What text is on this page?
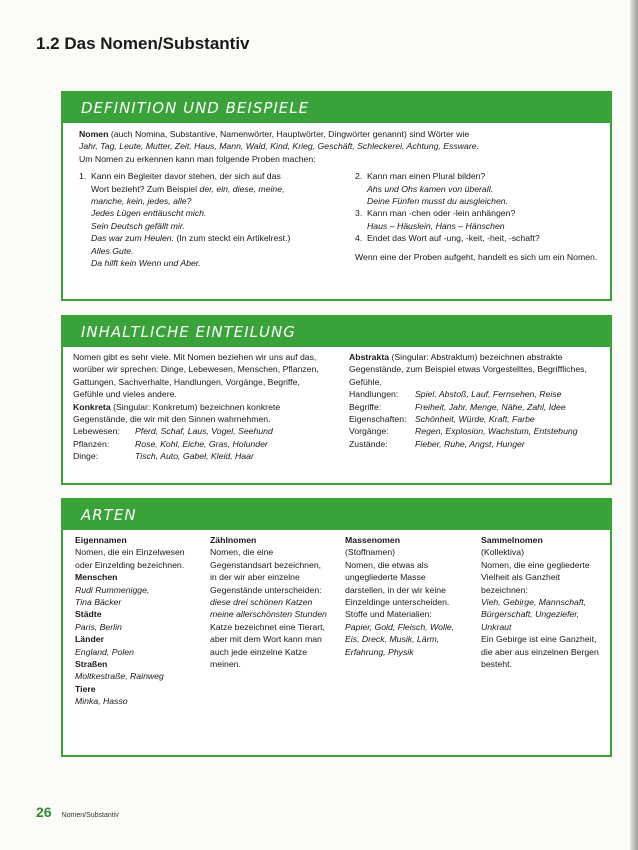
1.2 Das Nomen/Substantiv
DEFINITION UND BEISPIELE

Nomen (auch Nomina, Substantive, Namenwörter, Hauptwörter, Dingwörter genannt) sind Wörter wie
Jahr, Tag, Leute, Mutter, Zeit, Haus, Mann, Wald, Kind, Krieg, Geschäft, Schleckerei, Achtung, Essware.
Um Nomen zu erkennen kann man folgende Proben machen:

1. Kann ein Begleiter davor stehen, der sich auf das
Wort bezieht? Zum Beispiel der, ein, diese, meine,
manche, kein, jedes, alle?
Jedes Lügen enttäuscht mich.
Sein Deutsch gefällt mir.
Das war zum Heulen. (In zum steckt ein Artikelrest.)
Alles Gute.
Da hilft kein Wenn und Aber.
2. Kann man einen Plural bilden?
Ahs und Ohs kamen von überall.
Deine Fünfen musst du ausgleichen.
3. Kann man -chen oder -lein anhängen?
Haus – Häuslein, Hans – Hänschen
4. Endet das Wort auf -ung, -keit, -heit, -schaft?

Wenn eine der Proben aufgeht, handelt es sich um ein Nomen.

INHALTLICHE EINTEILUNG

Nomen gibt es sehr viele. Mit Nomen beziehen wir uns auf das, worüber wir sprechen: Dinge, Lebewesen, Menschen, Pflanzen, Gattungen, Sachverhalte, Handlungen, Vorgänge, Begriffe, Gefühle und vieles andere.

Konkreta (Singular: Konkretum) bezeichnen konkrete Gegenstände, die wir mit den Sinnen wahrnehmen.

Lebewesen:	Pferd, Schaf, Laus, Vogel, Seehund
Pflanzen:	Rose, Kohl, Eiche, Gras, Holunder
Dinge:	Tisch, Auto, Gabel, Kleid, Haar

Abstrakta (Singular: Abstraktum) bezeichnen abstrakte Gegenstände, zum Beispiel etwas Vorgestelltes, Begriffliches, Gefühle.

Handlungen:	Spiel, Abstoß, Lauf, Fernsehen, Reise
Begriffe:	Freiheit, Jahr, Menge, Nähe, Zahl, Idee
Eigenschaften: Schönheit, Würde, Kraft, Farbe
Vorgänge:	Regen, Explosion, Wachstum, Entstehung
Zustände:	Fieber, Ruhe, Angst, Hunger
ARTEN

Eigennamen

Nomen, die ein Einzelwesen oder Einzelding bezeichnen.

Menschen

Rudi Rummenigge,

Tina Bäcker

Städte

Paris, Berlin

Länder

England, Polen

Straßen

Moltkestraße, Rainweg

Tiere

Minka, Hasso

Zählnomen

Nomen, die eine Gegenstandsart bezeichnen, in der wir aber einzelne Gegenstände unterscheiden:

diese drei schönen Katzen

meine allerschönsten Stunden

Katze bezeichnet eine Tierart, aber mit dem Wort kann man auch jede einzelne Katze meinen.

Massenomen

(Stoffnamen)

Nomen, die etwas als ungegliederte Masse darstellen, in der wir keine Einzeldinge unterscheiden.

Stoffe und Materialien:

Papier, Gold, Fleisch, Wolle, Eis, Dreck, Musik, Lärm, Erfahrung, Physik

Sammelnomen

(Kollektiva)

Nomen, die eine gegliederte Vielheit als Ganzheit bezeichnen:

Vieh, Gebirge, Mannschaft, Bürgerschaft, Ungeziefer, Unkraut

Ein Gebirge ist eine Ganzheit, die aber aus einzelnen Bergen besteht.

26 Nomen/Substantiv
